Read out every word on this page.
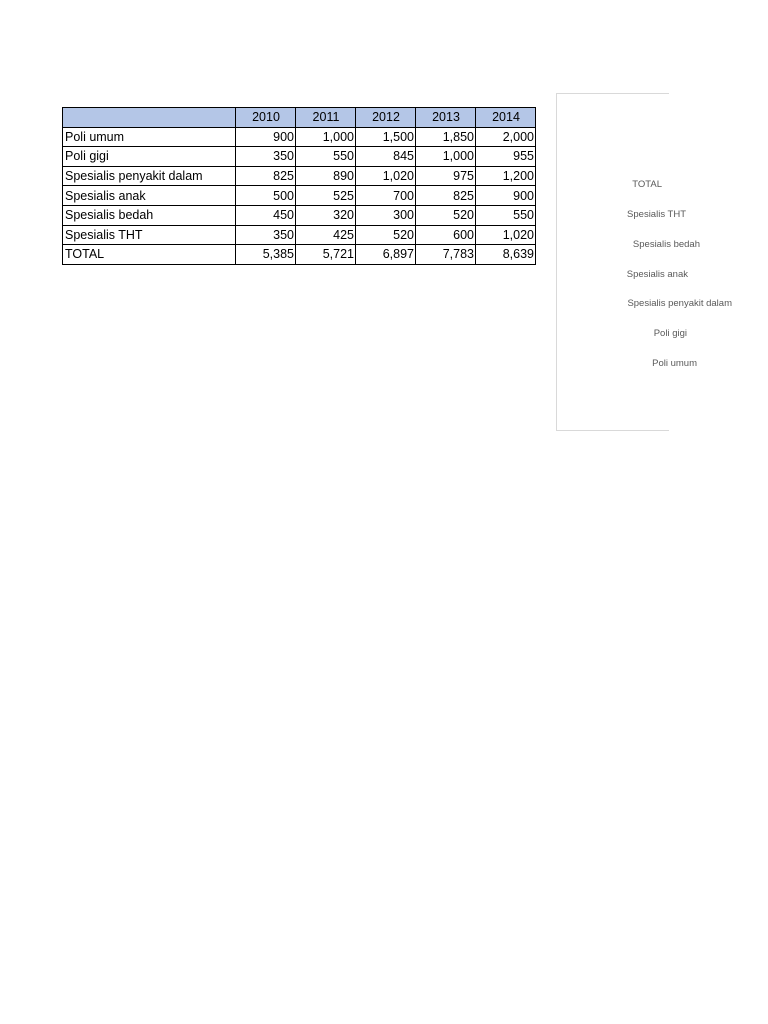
	2010	2011	2012	2013	2014
Poli umum	900	1,000	1,500	1,850	2,000
Poli gigi	350	550	845	1,000	955
Spesialis penyakit dalam	825	890	1,020	975	1,200
Spesialis anak	500	525	700	825	900
Spesialis bedah	450	320	300	520	550
Spesialis THT	350	425	520	600	1,020
TOTAL	5,385	5,721	6,897	7,783	8,639
TOTAL
Spesialis THT
Spesialis bedah
Spesialis anak
Spesialis penyakit dalam
Poli gigi
Poli umum
